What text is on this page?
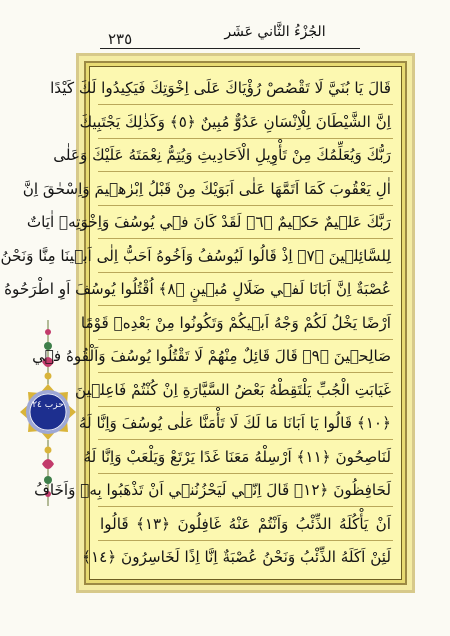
٢٣٥	الجُزْءُ الثَّاني عَشَر
حزب ٢٤
قَالَ يَا بُنَيَّ لَا تَقْصُصْ رُؤْيَاكَ عَلَى اِخْوَتِكَ فَيَكِيدُوا لَكَ كَيْدًا
اِنَّ الشَّيْطَانَ لِلْاِنْسَانِ عَدُوٌّ مُبِينٌ ﴿٥﴾ وَكَذٰلِكَ يَجْتَبِيكَ
رَبُّكَ وَيُعَلِّمُكَ مِنْ تَأْوِيلِ الْاَحَادِيثِ وَيُتِمُّ نِعْمَتَهُ عَلَيْكَ وَعَلٰى
اٰلِ يَعْقُوبَ كَمَا اَتَمَّهَا عَلٰى اَبَوَيْكَ مِنْ قَبْلُ اِبْرٰهٖيمَ وَاِسْحٰقَ اِنَّ
رَبَّكَ عَلٖيمٌ حَكٖيمٌ ﴿٦﴾ لَقَدْ كَانَ فٖي يُوسُفَ وَاِخْوَتِهٖ اٰيَاتٌ
لِلسَّائِلٖينَ ﴿٧﴾ اِذْ قَالُوا لَيُوسُفُ وَاَخُوهُ اَحَبُّ اِلٰى اَبٖينَا مِنَّا وَنَحْنُ
عُصْبَةٌ اِنَّ اَبَانَا لَفٖي ضَلَالٍ مُبٖينٍ ﴿٨﴾ اُقْتُلُوا يُوسُفَ اَوِ اطْرَحُوهُ
اَرْضًا يَخْلُ لَكُمْ وَجْهُ اَبٖيكُمْ وَتَكُونُوا مِنْ بَعْدِهٖ قَوْمًا
صَالِحٖينَ ﴿٩﴾ قَالَ قَائِلٌ مِنْهُمْ لَا تَقْتُلُوا يُوسُفَ وَاَلْقُوهُ فٖي
غَيَابَتِ الْجُبِّ يَلْتَقِطْهُ بَعْضُ السَّيَّارَةِ اِنْ كُنْتُمْ فَاعِلٖينَ
﴿١٠﴾ قَالُوا يَا اَبَانَا مَا لَكَ لَا تَأْمَنَّا عَلٰى يُوسُفَ وَاِنَّا لَهُ
لَنَاصِحُونَ ﴿١١﴾ اَرْسِلْهُ مَعَنَا غَدًا يَرْتَعْ وَيَلْعَبْ وَاِنَّا لَهُ
لَحَافِظُونَ ﴿١٢﴾ قَالَ اِنّٖي لَيَحْزُنُنٖي اَنْ تَذْهَبُوا بِهٖ وَاَخَافُ
اَنْ يَأْكُلَهُ الذِّئْبُ وَاَنْتُمْ عَنْهُ غَافِلُونَ ﴿١٣﴾ قَالُوا
لَئِنْ اَكَلَهُ الذِّئْبُ وَنَحْنُ عُصْبَةٌ اِنَّا اِذًا لَخَاسِرُونَ ﴿١٤﴾
